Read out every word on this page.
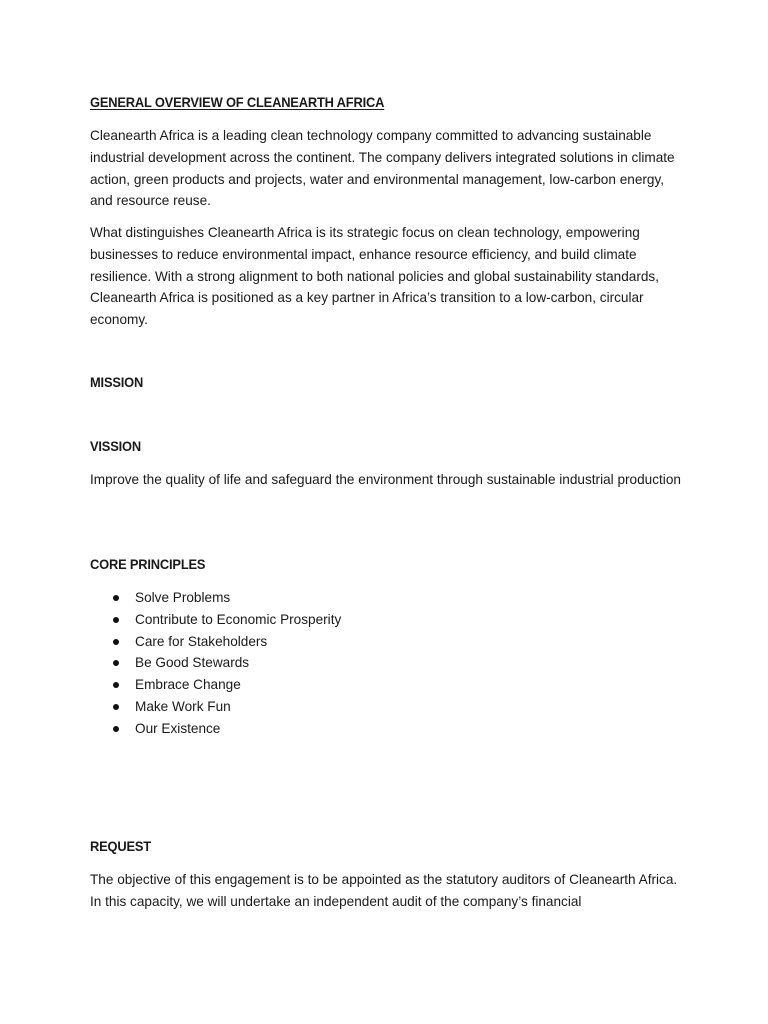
GENERAL OVERVIEW OF CLEANEARTH AFRICA

Cleanearth Africa is a leading clean technology company committed to advancing sustainable industrial development across the continent. The company delivers integrated solutions in climate action, green products and projects, water and environmental management, low-carbon energy, and resource reuse.

What distinguishes Cleanearth Africa is its strategic focus on clean technology, empowering businesses to reduce environmental impact, enhance resource efficiency, and build climate resilience. With a strong alignment to both national policies and global sustainability standards, Cleanearth Africa is positioned as a key partner in Africa’s transition to a low-carbon, circular economy.

MISSION
VISSION

Improve the quality of life and safeguard the environment through sustainable industrial production

CORE PRINCIPLES
Solve Problems
Contribute to Economic Prosperity
Care for Stakeholders
Be Good Stewards
Embrace Change
Make Work Fun
Our Existence
REQUEST

The objective of this engagement is to be appointed as the statutory auditors of Cleanearth Africa. In this capacity, we will undertake an independent audit of the company’s financial
